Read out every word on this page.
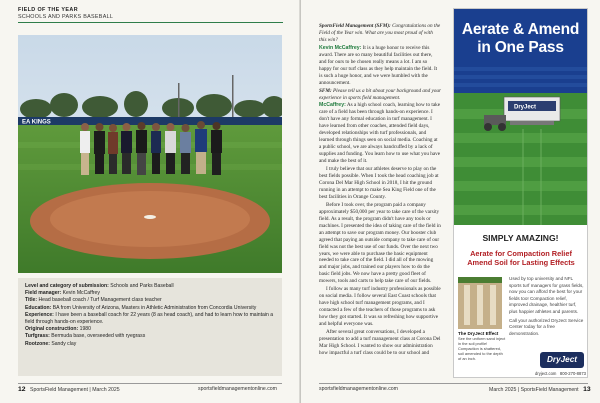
FIELD OF THE YEAR
SCHOOLS AND PARKS BASEBALL
EA KINGS
Level and category of submission: Schools and Parks Baseball
Field manager: Kevin McCaffrey
Title: Head baseball coach / Turf Management class teacher
Education: BA from University of Arizona, Masters in Athletic Administration from Concordia University
Experience: I have been a baseball coach for 22 years (8 as head coach), and had to learn how to maintain a field through hands-on experience.
Original construction: 1980
Turfgrass: Bermuda base, overseeded with ryegrass
Rootzone: Sandy clay
12 SportsField Management | March 2025	sportsfieldmanagementonline.com

SportsField Management (SFM): Congratulations on the Field of the Year win. What are you most proud of with this win?

Kevin McCaffrey: It is a huge honor to receive this award. There are so many beautiful facilities out there, and for ours to be chosen really means a lot. I am so happy for our turf class as they help maintain the field. It is such a huge honor, and we were humbled with the announcement.

SFM: Please tell us a bit about your background and your experience in sports field management.

McCaffrey: As a high school coach, learning how to take care of a field has been through hands-on experience. I don't have any formal education in turf management. I have learned from other coaches, attended field days, developed relationships with turf professionals, and learned through things seen on social media. Coaching at a public school, we are always handcuffed by a lack of supplies and funding. You learn how to use what you have and make the best of it.

I truly believe that our athletes deserve to play on the best fields possible. When I took the head coaching job at Corona Del Mar High School in 2018, I hit the ground running in an attempt to make Sea King Field one of the best facilities in Orange County.

Before I took over, the program paid a company approximately $50,000 per year to take care of the varsity field. As a result, the program didn't have any tools or machines. I presented the idea of taking care of the field in an attempt to save our program money. Our booster club agreed that paying an outside company to take care of our field was not the best use of our funds. Over the next two years, we were able to purchase the basic equipment needed to take care of the field. I did all of the mowing and major jobs, and trained our players how to do the basic field jobs. We now have a pretty good fleet of mowers, tools and carts to help take care of our fields.

I follow as many turf industry professionals as possible on social media. I follow several East Coast schools that have high school turf management programs, and I contacted a few of the teachers of those programs to ask how they got started. It was so refreshing how supportive and helpful everyone was.

After several great conversations, I developed a presentation to add a turf management class at Corona Del Mar High School. I wanted to show our administration how impactful a turf class could be to our school and

DryJect
Aerate & Amend
in One Pass
SIMPLY AMAZING!
Aerate for Compaction Relief
Amend Soil for Lasting Effects
The DryJect Effect
See the uniform sand inject in the soil profile! Compaction is shattered, soil amended to the depth of an inch.

Used by top university and NFL sports turf managers for grass fields, now you can afford the best for your fields too! Compaction relief, improved drainage, healthier turf, plus happier athletes and parents.

Call your authorized DryJect Service Center today for a free demonstration.

DryJect
dryject.com 800-270-8873
sportsfieldmanagementonline.com	March 2025 | SportsField Management 13
